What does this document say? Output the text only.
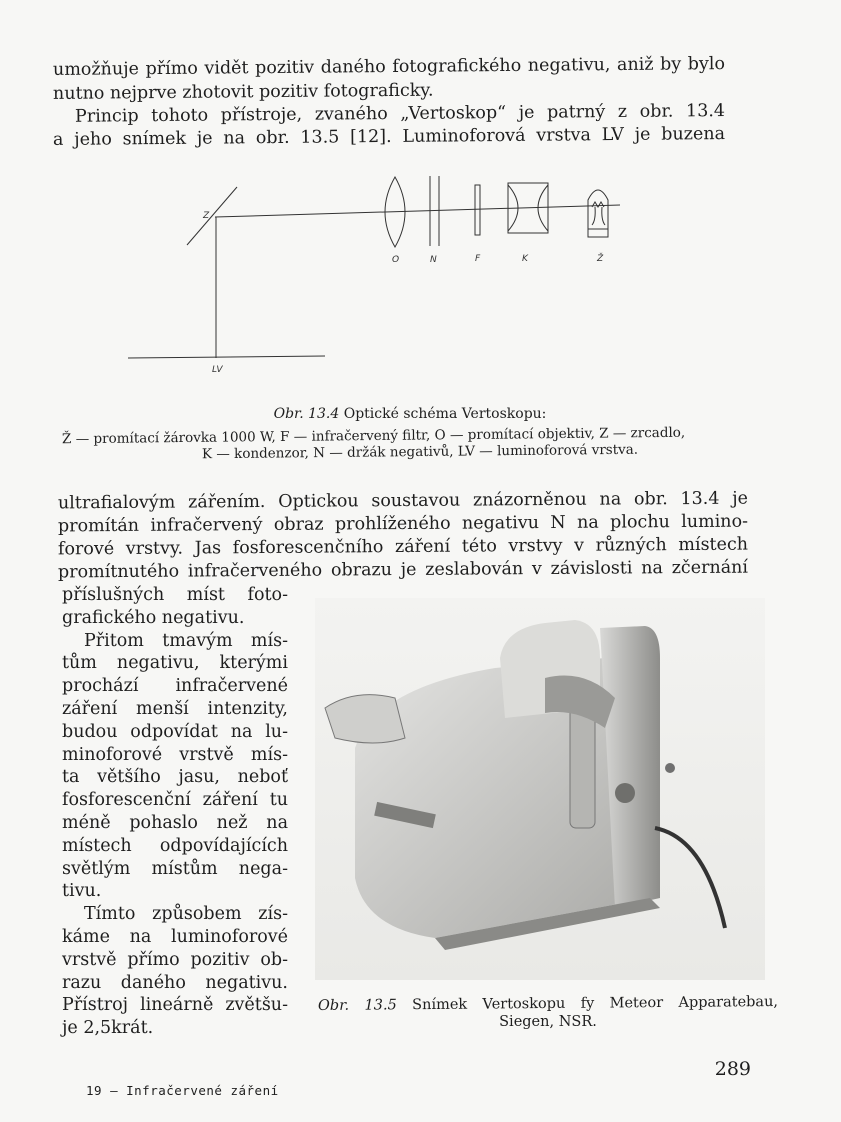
umožňuje přímo vidět pozitiv daného fotografického negativu, aniž by bylo
nutno nejprve zhotovit pozitiv fotograficky.
Princip tohoto přístroje, zvaného „Vertoskop“ je patrný z obr. 13.4
a jeho snímek je na obr. 13.5 [12]. Luminoforová vrstva LV je buzena
Z
O	N	F	K	Ž
LV
Obr. 13.4 Optické schéma Vertoskopu:
Ž — promítací žárovka 1000 W, F — infračervený filtr, O — promítací objektiv, Z — zrcadlo,
K — kondenzor, N — držák negativů, LV — luminoforová vrstva.
ultrafialovým zářením. Optickou soustavou znázorněnou na obr. 13.4 je
promítán infračervený obraz prohlíženého negativu N na plochu lumino-
forové vrstvy. Jas fosforescenčního záření této vrstvy v různých místech
promítnutého infračerveného obrazu je zeslabován v závislosti na zčernání
příslušných míst foto-
grafického negativu.
Přitom tmavým mís-
tům negativu, kterými
prochází infračervené
záření menší intenzity,
budou odpovídat na lu-
minoforové vrstvě mís-
ta většího jasu, neboť
fosforescenční záření tu
méně pohaslo než na
místech odpovídajících
světlým místům nega-
tivu.
Tímto způsobem zís-
káme na luminoforové
vrstvě přímo pozitiv ob-
razu daného negativu.
Přístroj lineárně zvětšu-
je 2,5krát.
Obr. 13.5 Snímek Vertoskopu fy Meteor Apparatebau,
Siegen, NSR.
289
19 — Infračervené záření
